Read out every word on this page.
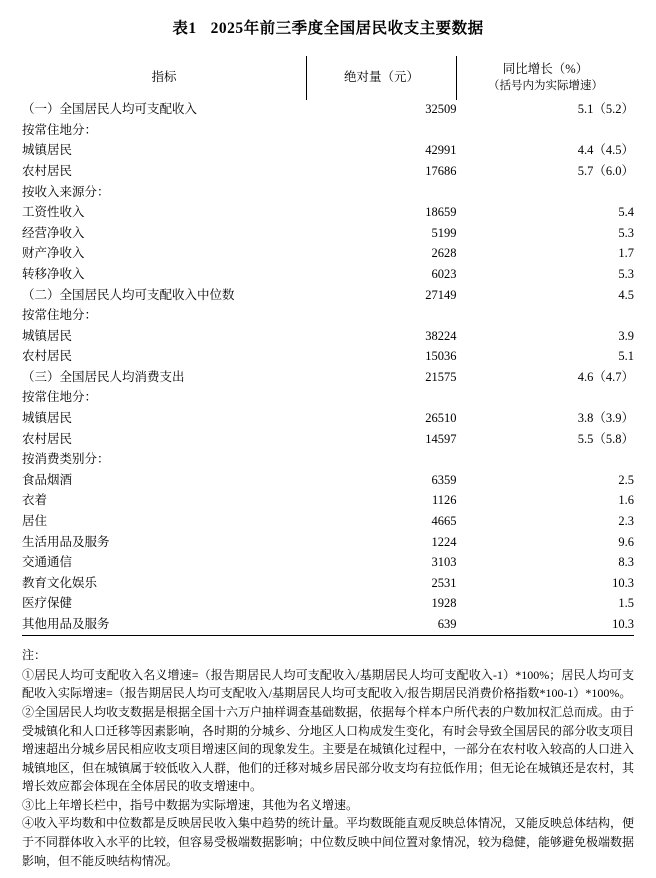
表1 2025年前三季度全国居民收支主要数据
指标	绝对量（元）	同比增长（%）
（括号内为实际增速）

（一）全国居民人均可支配收入	32509	5.1（5.2）
按常住地分：		
城镇居民	42991	4.4（4.5）
农村居民	17686	5.7（6.0）
按收入来源分：		
工资性收入	18659	5.4
经营净收入	5199	5.3
财产净收入	2628	1.7
转移净收入	6023	5.3
（二）全国居民人均可支配收入中位数	27149	4.5
按常住地分：		
城镇居民	38224	3.9
农村居民	15036	5.1
（三）全国居民人均消费支出	21575	4.6（4.7）
按常住地分：		
城镇居民	26510	3.8（3.9）
农村居民	14597	5.5（5.8）
按消费类别分：		
食品烟酒	6359	2.5
衣着	1126	1.6
居住	4665	2.3
生活用品及服务	1224	9.6
交通通信	3103	8.3
教育文化娱乐	2531	10.3
医疗保健	1928	1.5
其他用品及服务	639	10.3
注：

①居民人均可支配收入名义增速=（报告期居民人均可支配收入/基期居民人均可支配收入-1）*100%；居民人均可支配收入实际增速=（报告期居民人均可支配收入/基期居民人均可支配收入/报告期居民消费价格指数*100-1）*100%。

②全国居民人均收支数据是根据全国十六万户抽样调查基础数据，依据每个样本户所代表的户数加权汇总而成。由于受城镇化和人口迁移等因素影响，各时期的分城乡、分地区人口构成发生变化，有时会导致全国居民的部分收支项目增速超出分城乡居民相应收支项目增速区间的现象发生。主要是在城镇化过程中，一部分在农村收入较高的人口进入城镇地区，但在城镇属于较低收入人群，他们的迁移对城乡居民部分收支均有拉低作用；但无论在城镇还是农村，其增长效应都会体现在全体居民的收支增速中。

③比上年增长栏中，指号中数据为实际增速，其他为名义增速。

④收入平均数和中位数都是反映居民收入集中趋势的统计量。平均数既能直观反映总体情况，又能反映总体结构，便于不同群体收入水平的比较，但容易受极端数据影响；中位数反映中间位置对象情况，较为稳健，能够避免极端数据影响，但不能反映结构情况。
